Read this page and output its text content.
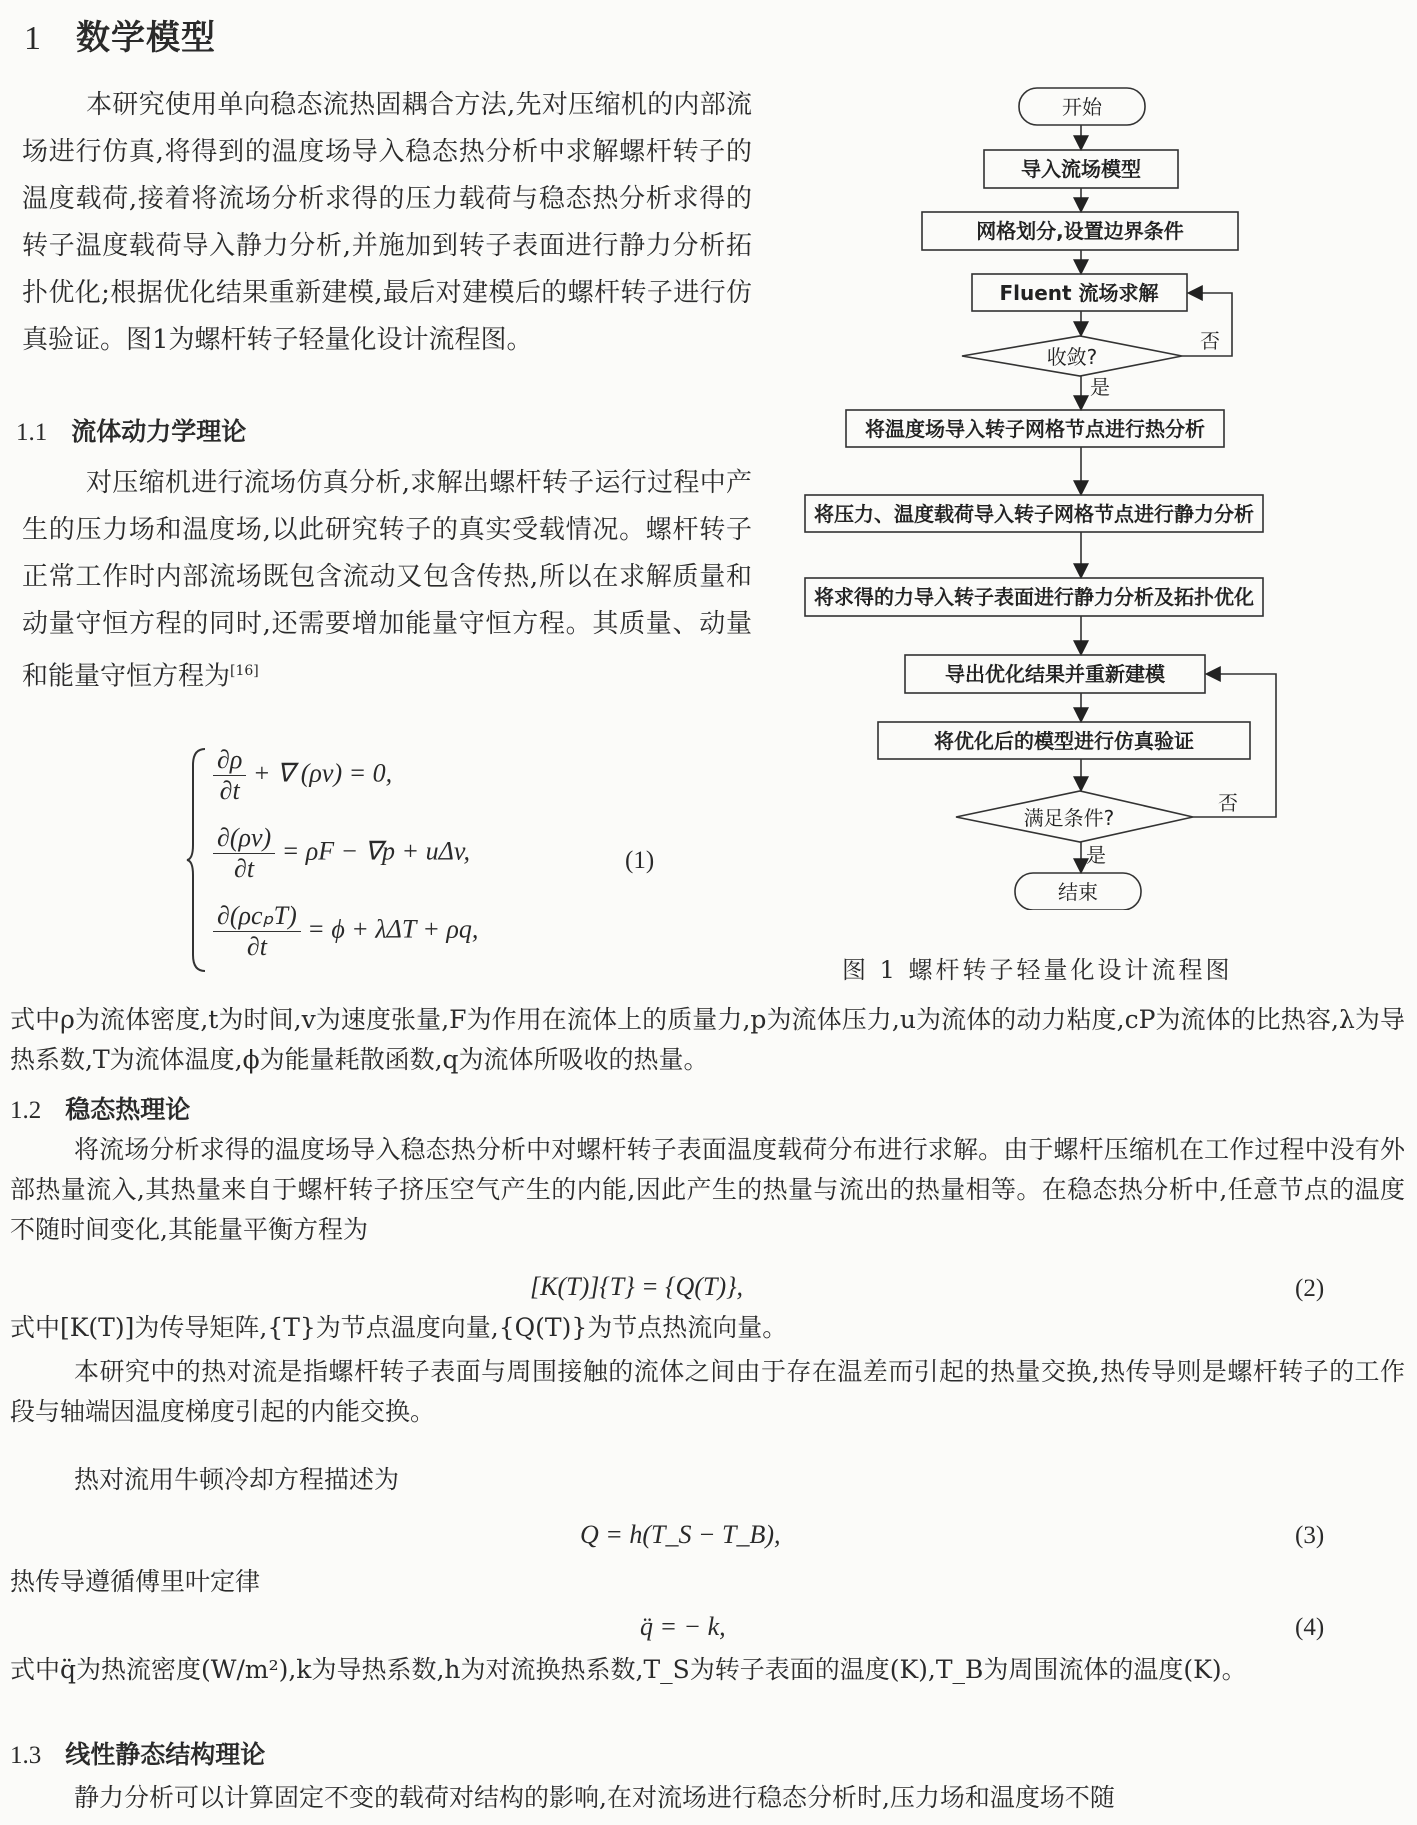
1 数学模型

本研究使用单向稳态流热固耦合方法,先对压缩机的内部流场进行仿真,将得到的温度场导入稳态热分析中求解螺杆转子的温度载荷,接着将流场分析求得的压力载荷与稳态热分析求得的转子温度载荷导入静力分析,并施加到转子表面进行静力分析拓扑优化;根据优化结果重新建模,最后对建模后的螺杆转子进行仿真验证。图1为螺杆转子轻量化设计流程图。

1.1 流体动力学理论

对压缩机进行流场仿真分析,求解出螺杆转子运行过程中产生的压力场和温度场,以此研究转子的真实受载情况。螺杆转子正常工作时内部流场既包含流动又包含传热,所以在求解质量和动量守恒方程的同时,还需要增加能量守恒方程。其质量、动量和能量守恒方程为[16]

$\frac{\partial\rho}{\partial t}$ + ∇ (ρv) = 0,
$\frac{\partial(\rho v)}{\partial t} = \rho F - \nabla p + u\Delta v$,
$\frac{\text{∂(ρcₚT)}}{\partial t} = \phi + \lambda\Delta T + \rho q$,
(1)
开始
导入流场模型
网格划分,设置边界条件
Fluent 流场求解
收敛?
否
是
将温度场导入转子网格节点进行热分析
将压力、温度载荷导入转子网格节点进行静力分析
将求得的力导入转子表面进行静力分析及拓扑优化
导出优化结果并重新建模
将优化后的模型进行仿真验证
满足条件?
否
是
结束
图 1 螺杆转子轻量化设计流程图

式中ρ为流体密度,t为时间,v为速度张量,F为作用在流体上的质量力,p为流体压力,u为流体的动力粘度,cP为流体的比热容,λ为导热系数,T为流体温度,ϕ为能量耗散函数,q为流体所吸收的热量。

1.2 稳态热理论

将流场分析求得的温度场导入稳态热分析中对螺杆转子表面温度载荷分布进行求解。由于螺杆压缩机在工作过程中没有外部热量流入,其热量来自于螺杆转子挤压空气产生的内能,因此产生的热量与流出的热量相等。在稳态热分析中,任意节点的温度不随时间变化,其能量平衡方程为

[K(T)]{T} = {Q(T)},	(2)

式中[K(T)]为传导矩阵,{T}为节点温度向量,{Q(T)}为节点热流向量。

本研究中的热对流是指螺杆转子表面与周围接触的流体之间由于存在温差而引起的热量交换,热传导则是螺杆转子的工作段与轴端因温度梯度引起的内能交换。

热对流用牛顿冷却方程描述为

Q = h(T_S − T_B),	(3)

热传导遵循傅里叶定律

q̈ = − k,	(4)

式中q̈为热流密度(W/m²),k为导热系数,h为对流换热系数,T_S为转子表面的温度(K),T_B为周围流体的温度(K)。

1.3 线性静态结构理论

静力分析可以计算固定不变的载荷对结构的影响,在对流场进行稳态分析时,压力场和温度场不随
